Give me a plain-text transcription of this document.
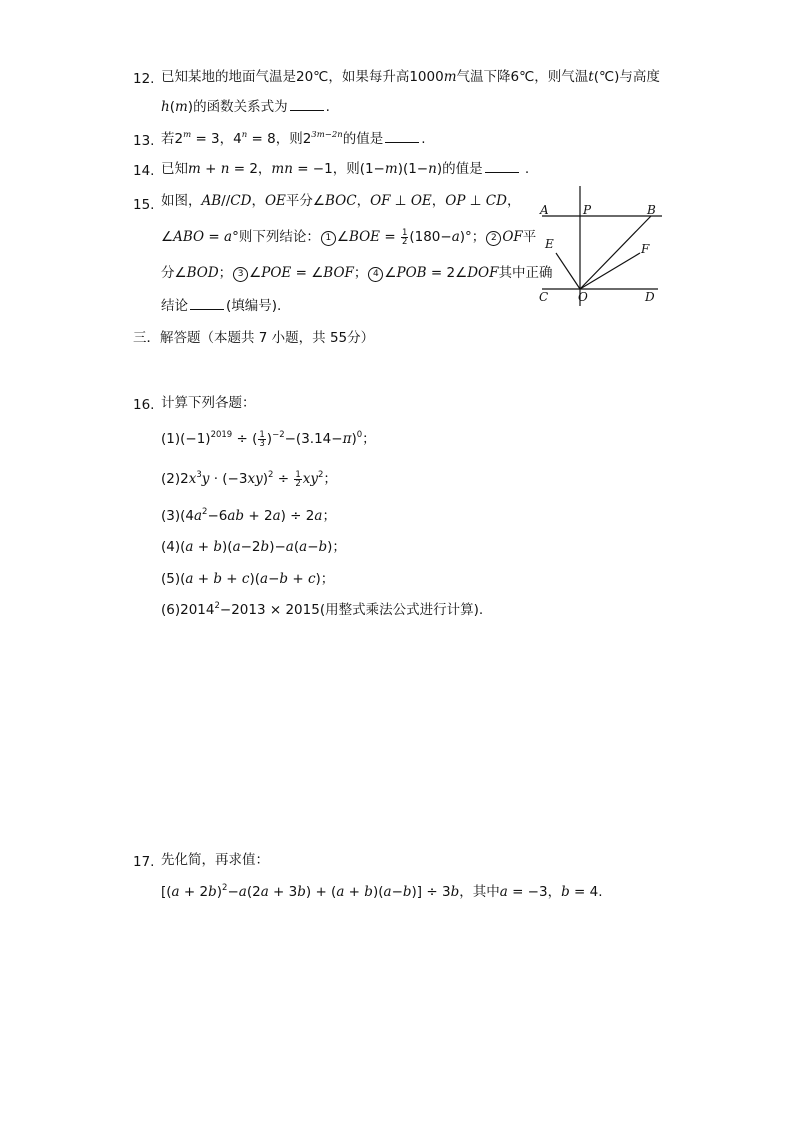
12. 已知某地的地面气温是20℃，如果每升高1000m气温下降6℃，则气温t(℃)与高度
h(m)的函数关系式为	.
13. 若$2^m = 3$，$4^n = 8$，则$2^{3m-2n}$的值是	.
14. 已知m + n = 2，mn = −1，则(1−m)(1−n)的值是	.
15. 如图，AB//CD，OE平分∠BOC，OF ⊥ OE，OP ⊥ CD，
∠ABO = a°则下列结论： 1 ∠BOE = $\frac{1}{2} (180-a)^\circ$； 2 OF平
分∠BOD； 3 ∠POE = ∠BOF； 4 ∠POB = 2∠DOF其中正确
结论	(填编号).
A	P	B
E	F
C O	D
三．解答题（本题共 7 小题，共 55分）
16. 计算下列各题：
$(1)(-1)^{2019}$ ÷ ( $\frac{1}{3} )^{-2}-(3.14-\pi)^0$；
$(2)2x^3y \cdot (-3xy)^2 \div \frac{1}{2} xy^2$；
$(3)(4a^2-6ab + 2a) \div 2a$；
(4)(a + b)(a−2b)−a(a−b)；
(5)(a + b + c)(a−b + c)；
$(6)2014^2-2013 \times 2015$(用整式乘法公式进行计算).
17. 先化简，再求值：
$[(a + 2b)^2-a(2a + 3b) + (a + b)(a-b)] \div 3b$，其中a = −3，b = 4.
